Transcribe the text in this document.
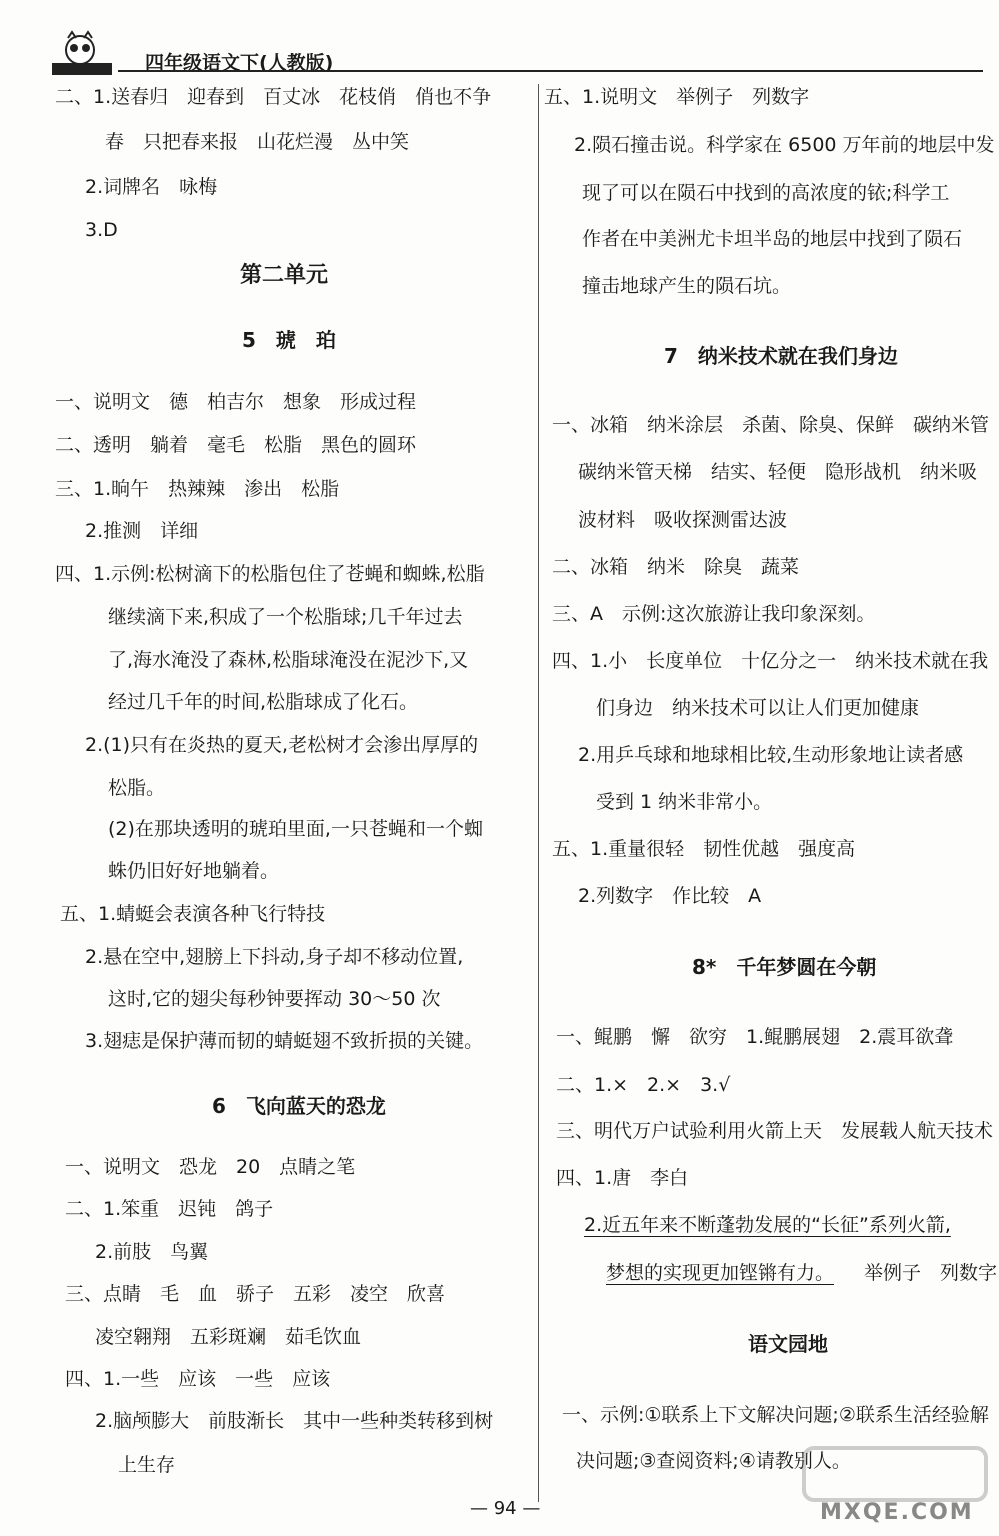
四年级语文下(人教版)
二、1.送春归　迎春到　百丈冰　花枝俏　俏也不争
春　只把春来报　山花烂漫　丛中笑
2.词牌名　咏梅
3.D
第二单元
5　琥　珀
一、说明文　德　柏吉尔　想象　形成过程
二、透明　躺着　毫毛　松脂　黑色的圆环
三、1.晌午　热辣辣　渗出　松脂
2.推测　详细
四、1.示例:松树滴下的松脂包住了苍蝇和蜘蛛,松脂
继续滴下来,积成了一个松脂球;几千年过去
了,海水淹没了森林,松脂球淹没在泥沙下,又
经过几千年的时间,松脂球成了化石。
2.(1)只有在炎热的夏天,老松树才会渗出厚厚的
松脂。
(2)在那块透明的琥珀里面,一只苍蝇和一个蜘
蛛仍旧好好地躺着。
五、1.蜻蜓会表演各种飞行特技
2.悬在空中,翅膀上下抖动,身子却不移动位置,
这时,它的翅尖每秒钟要挥动 30～50 次
3.翅痣是保护薄而韧的蜻蜓翅不致折损的关键。
6　飞向蓝天的恐龙
一、说明文　恐龙　20　点睛之笔
二、1.笨重　迟钝　鸽子
2.前肢　鸟翼
三、点睛　毛　血　骄子　五彩　凌空　欣喜
凌空翱翔　五彩斑斓　茹毛饮血
四、1.一些　应该　一些　应该
2.脑颅膨大　前肢渐长　其中一些种类转移到树
上生存
五、1.说明文　举例子　列数字
2.陨石撞击说。科学家在 6500 万年前的地层中发
现了可以在陨石中找到的高浓度的铱;科学工
作者在中美洲尤卡坦半岛的地层中找到了陨石
撞击地球产生的陨石坑。
7　纳米技术就在我们身边
一、冰箱　纳米涂层　杀菌、除臭、保鲜　碳纳米管
碳纳米管天梯　结实、轻便　隐形战机　纳米吸
波材料　吸收探测雷达波
二、冰箱　纳米　除臭　蔬菜
三、A　示例:这次旅游让我印象深刻。
四、1.小　长度单位　十亿分之一　纳米技术就在我
们身边　纳米技术可以让人们更加健康
2.用乒乓球和地球相比较,生动形象地让读者感
受到 1 纳米非常小。
五、1.重量很轻　韧性优越　强度高
2.列数字　作比较　A
8*　千年梦圆在今朝
一、鲲鹏　懈　欲穷　1.鲲鹏展翅　2.震耳欲聋
二、1.×　2.×　3.√
三、明代万户试验利用火箭上天　发展载人航天技术
四、1.唐　李白
2.近五年来不断蓬勃发展的“长征”系列火箭,
梦想的实现更加铿锵有力。 举例子　列数字
语文园地
一、示例:①联系上下文解决问题;②联系生活经验解
决问题;③查阅资料;④请教别人。
MXQE.COM
— 94 —
